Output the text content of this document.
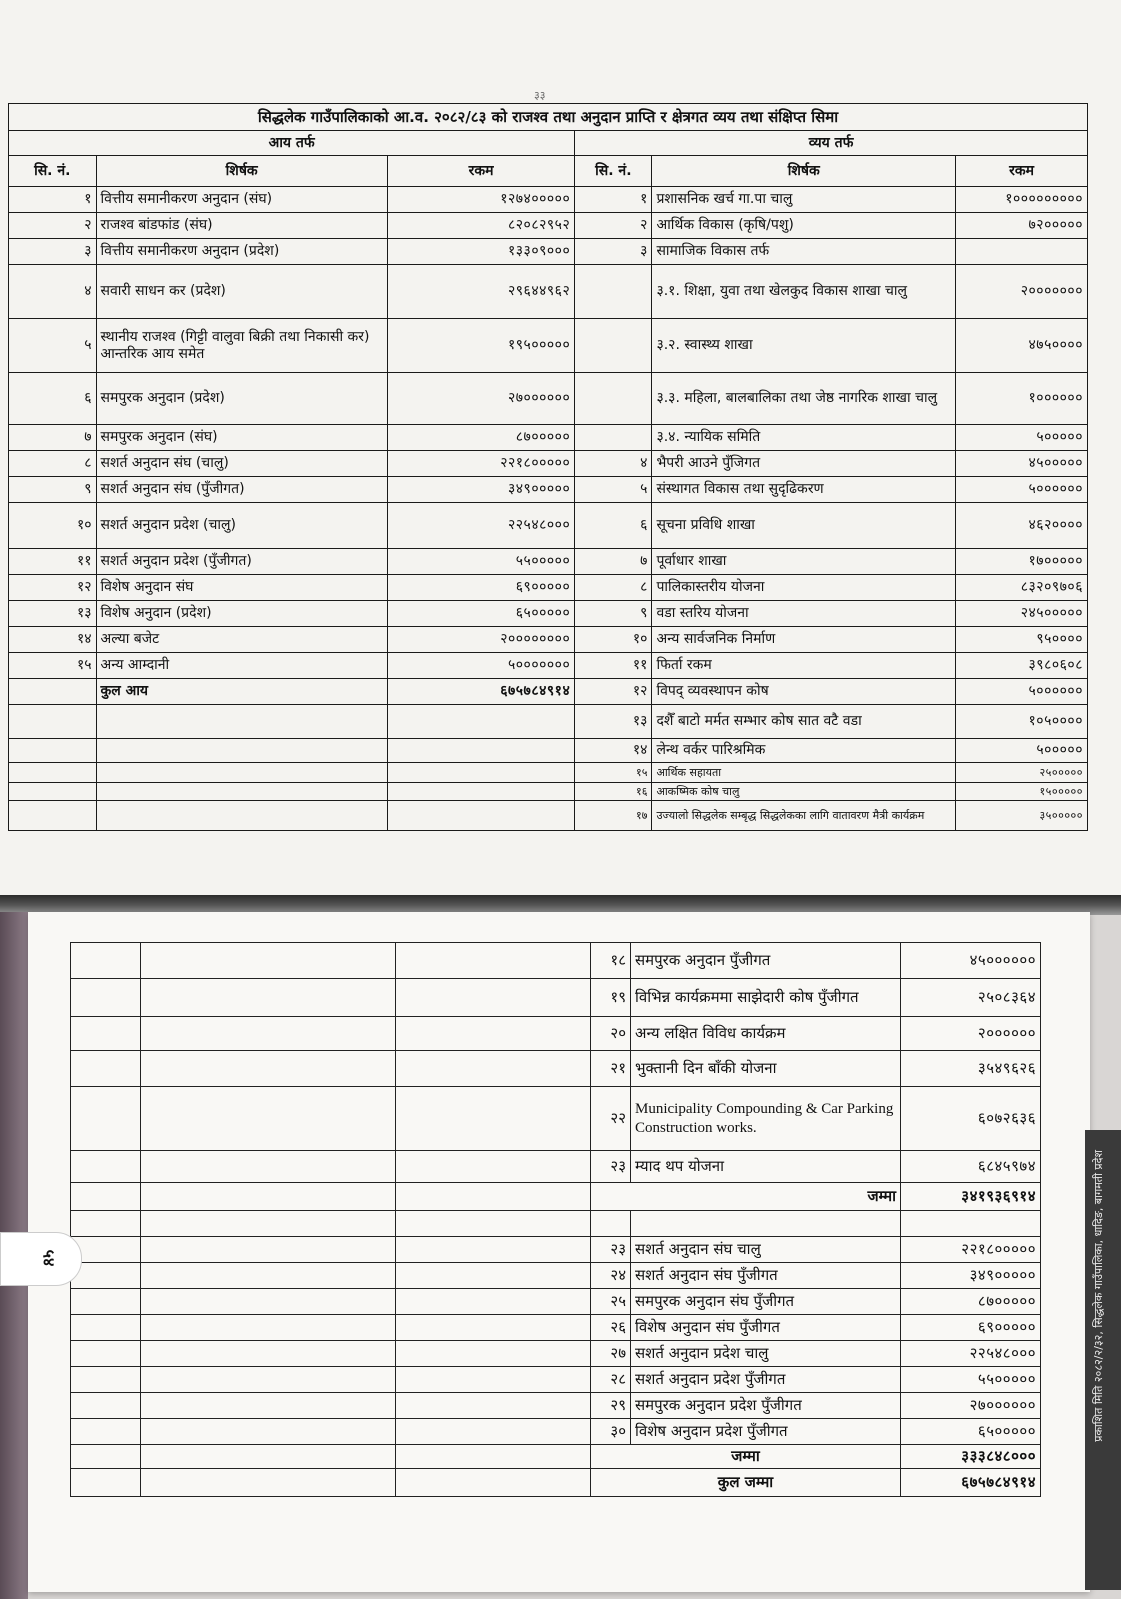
३३
सिद्धलेक गाउँपालिकाको आ.व. २०८२/८३ को राजश्व तथा अनुदान प्राप्ति र क्षेत्रगत व्यय तथा संक्षिप्त सिमा					
आय तर्फ			व्यय तर्फ		
सि. नं.	शिर्षक	रकम	सि. नं.	शिर्षक	रकम
१	वित्तीय समानीकरण अनुदान (संघ)	१२७४०००००	१	प्रशासनिक खर्च गा.पा चालु	१०००००००००
२	राजश्व बांडफांड (संघ)	८२०८२९५२	२	आर्थिक विकास (कृषि/पशु)	७२०००००
३	वित्तीय समानीकरण अनुदान (प्रदेश)	१३३०९०००	३	सामाजिक विकास तर्फ	
४	सवारी साधन कर (प्रदेश)	२९६४४९६२		३.१. शिक्षा, युवा तथा खेलकुद विकास शाखा चालु	२०००००००
५	स्थानीय राजश्व (गिट्टी वालुवा बिक्री तथा निकासी कर) आन्तरिक आय समेत	१९५०००००		३.२. स्वास्थ्य शाखा	४७५००००
६	समपुरक अनुदान (प्रदेश)	२७००००००		३.३. महिला, बालबालिका तथा जेष्ठ नागरिक शाखा चालु	१००००००
७	समपुरक अनुदान (संघ)	८७०००००		३.४. न्यायिक समिति	५०००००
८	सशर्त अनुदान संघ (चालु)	२२१८०००००	४	भैपरी आउने पुँजिगत	४५०००००
९	सशर्त अनुदान संघ (पुँजीगत)	३४९०००००	५	संस्थागत विकास तथा सुदृढिकरण	५००००००
१०	सशर्त अनुदान प्रदेश (चालु)	२२५४८०००	६	सूचना प्रविधि शाखा	४६२००००
११	सशर्त अनुदान प्रदेश (पुँजीगत)	५५०००००	७	पूर्वाधार शाखा	१७०००००
१२	विशेष अनुदान संघ	६९०००००	८	पालिकास्तरीय योजना	८३२०९७०६
१३	विशेष अनुदान (प्रदेश)	६५०००००	९	वडा स्तरिय योजना	२४५०००००
१४	अल्या बजेट	२००००००००	१०	अन्य सार्वजनिक निर्माण	९५००००
१५	अन्य आम्दानी	५०००००००	११	फिर्ता रकम	३९८०६०८
	कुल आय	६७५७८४९१४	१२	विपद् व्यवस्थापन कोष	५००००००
			१३	दशैँ बाटो मर्मत सम्भार कोष सात वटै वडा	१०५००००
			१४	लेन्थ वर्कर पारिश्रमिक	५०००००
			१५	आर्थिक सहायता	२५०००००
			१६	आकष्मिक कोष चालु	१५०००००
			१७	उज्यालो सिद्धलेक सम्बृद्ध सिद्धलेकका लागि वातावरण मैत्री कार्यक्रम	३५०००००
			१८	समपुरक अनुदान पुँजीगत	४५००००००
			१९	विभिन्न कार्यक्रममा साझेदारी कोष पुँजीगत	२५०८३६४
			२०	अन्य लक्षित विविध कार्यक्रम	२००००००
			२१	भुक्तानी दिन बाँकी योजना	३५४९६२६
			२२	Municipality Compounding & Car Parking Construction works.	६०७२६३६
			२३	म्याद थप योजना	६८४५९७४
			जम्मा		३४१९३६९१४

			२३	सशर्त अनुदान संघ चालु	२२१८०००००
			२४	सशर्त अनुदान संघ पुँजीगत	३४९०००००
			२५	समपुरक अनुदान संघ पुँजीगत	८७०००००
			२६	विशेष अनुदान संघ पुँजीगत	६९०००००
			२७	सशर्त अनुदान प्रदेश चालु	२२५४८०००
			२८	सशर्त अनुदान प्रदेश पुँजीगत	५५०००००
			२९	समपुरक अनुदान प्रदेश पुँजीगत	२७००००००
			३०	विशेष अनुदान प्रदेश पुँजीगत	६५०००००
			जम्मा		३३३८४८०००
			कुल जम्मा		६७५७८४९१४
५४	प्रकाशित मिति २०८२/२/३२, सिद्धलेक गाउँपालिका, धादिङ, बागमती प्रदेश
